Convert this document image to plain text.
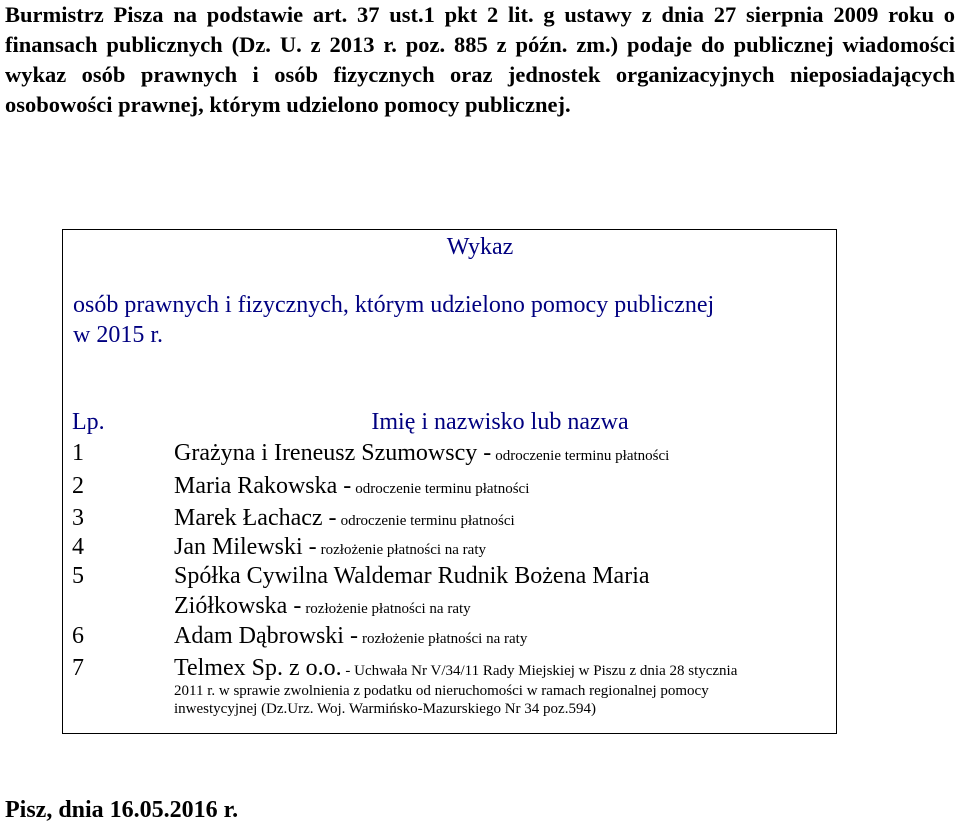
Burmistrz Pisza na podstawie art. 37 ust.1 pkt 2 lit. g ustawy z dnia 27 sierpnia 2009 roku o finansach publicznych (Dz. U. z 2013 r. poz. 885 z późn. zm.) podaje do publicznej wiadomości wykaz osób prawnych i osób fizycznych oraz jednostek organizacyjnych nieposiadających osobowości prawnej, którym udzielono pomocy publicznej.
Wykaz
osób prawnych i fizycznych, którym udzielono pomocy publicznej
w 2015 r.
Lp.	Imię i nazwisko lub nazwa
1	Grażyna i Ireneusz Szumowscy - odroczenie terminu płatności
2	Maria Rakowska - odroczenie terminu płatności
3	Marek Łachacz - odroczenie terminu płatności
4	Jan Milewski - rozłożenie płatności na raty
5	Spółka Cywilna Waldemar Rudnik Bożena Maria
Ziółkowska - rozłożenie płatności na raty
6	Adam Dąbrowski - rozłożenie płatności na raty
7	Telmex Sp. z o.o. - Uchwała Nr V/34/11 Rady Miejskiej w Piszu z dnia 28 stycznia
2011 r. w sprawie zwolnienia z podatku od nieruchomości w ramach regionalnej pomocy
inwestycyjnej (Dz.Urz. Woj. Warmińsko-Mazurskiego Nr 34 poz.594)
Pisz, dnia 16.05.2016 r.
